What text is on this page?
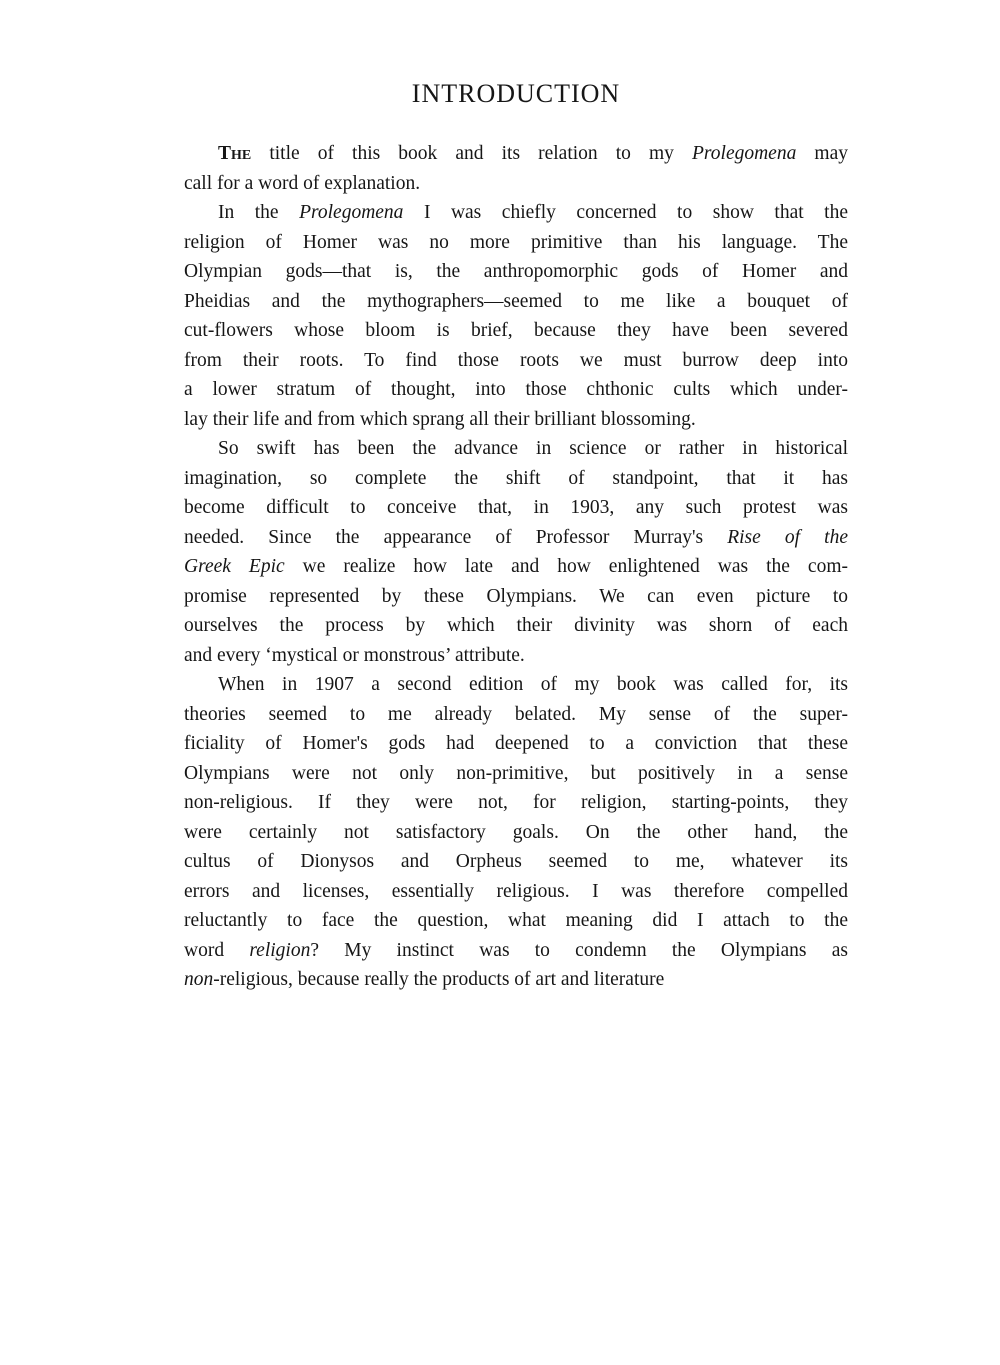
INTRODUCTION
The title of this book and its relation to my Prolegomena may
call for a word of explanation.
In the Prolegomena I was chiefly concerned to show that the
religion of Homer was no more primitive than his language. The
Olympian gods—that is, the anthropomorphic gods of Homer and
Pheidias and the mythographers—seemed to me like a bouquet of
cut-flowers whose bloom is brief, because they have been severed
from their roots. To find those roots we must burrow deep into
a lower stratum of thought, into those chthonic cults which under-
lay their life and from which sprang all their brilliant blossoming.
So swift has been the advance in science or rather in historical
imagination, so complete the shift of standpoint, that it has
become difficult to conceive that, in 1903, any such protest was
needed. Since the appearance of Professor Murray's Rise of the
Greek Epic we realize how late and how enlightened was the com-
promise represented by these Olympians. We can even picture to
ourselves the process by which their divinity was shorn of each
and every ‘mystical or monstrous’ attribute.
When in 1907 a second edition of my book was called for, its
theories seemed to me already belated. My sense of the super-
ficiality of Homer's gods had deepened to a conviction that these
Olympians were not only non-primitive, but positively in a sense
non-religious. If they were not, for religion, starting-points, they
were certainly not satisfactory goals. On the other hand, the
cultus of Dionysos and Orpheus seemed to me, whatever its
errors and licenses, essentially religious. I was therefore compelled
reluctantly to face the question, what meaning did I attach to the
word religion? My instinct was to condemn the Olympians as
non-religious, because really the products of art and literature
